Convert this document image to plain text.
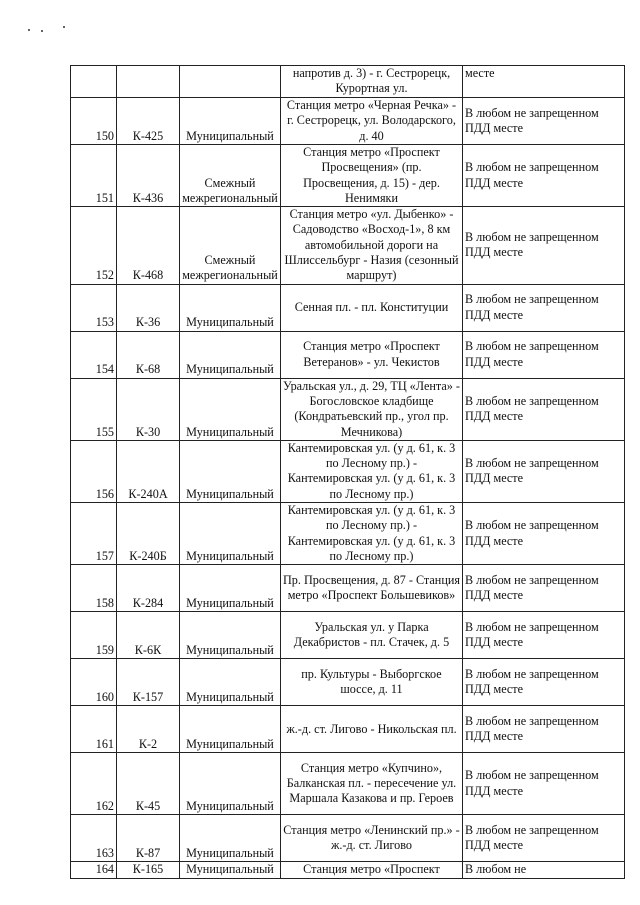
			напротив д. 3) - г. Сестрорецк, Курортная ул.	месте
150	К-425	Муниципальный	Станция метро «Черная Речка» - г. Сестрорецк, ул. Володарского, д. 40	В любом не запрещенном ПДД месте
151	К-436	Смежный межрегиональный	Станция метро «Проспект Просвещения» (пр. Просвещения, д. 15) - дер. Ненимяки	В любом не запрещенном ПДД месте
152	К-468	Смежный межрегиональный	Станция метро «ул. Дыбенко» - Садоводство «Восход-1», 8 км автомобильной дороги на Шлиссельбург - Назия (сезонный маршрут)	В любом не запрещенном ПДД месте
153	К-36	Муниципальный	Сенная пл. - пл. Конституции	В любом не запрещенном ПДД месте
154	К-68	Муниципальный	Станция метро «Проспект Ветеранов» - ул. Чекистов	В любом не запрещенном ПДД месте
155	К-30	Муниципальный	Уральская ул., д. 29, ТЦ «Лента» - Богословское кладбище (Кондратьевский пр., угол пр. Мечникова)	В любом не запрещенном ПДД месте
156	К-240А	Муниципальный	Кантемировская ул. (у д. 61, к. 3 по Лесному пр.) - Кантемировская ул. (у д. 61, к. 3 по Лесному пр.)	В любом не запрещенном ПДД месте
157	К-240Б	Муниципальный	Кантемировская ул. (у д. 61, к. 3 по Лесному пр.) - Кантемировская ул. (у д. 61, к. 3 по Лесному пр.)	В любом не запрещенном ПДД месте
158	К-284	Муниципальный	Пр. Просвещения, д. 87 - Станция метро «Проспект Большевиков»	В любом не запрещенном ПДД месте
159	К-6К	Муниципальный	Уральская ул. у Парка Декабристов - пл. Стачек, д. 5	В любом не запрещенном ПДД месте
160	К-157	Муниципальный	пр. Культуры - Выборгское шоссе, д. 11	В любом не запрещенном ПДД месте
161	К-2	Муниципальный	ж.-д. ст. Лигово - Никольская пл.	В любом не запрещенном ПДД месте
162	К-45	Муниципальный	Станция метро «Купчино», Балканская пл. - пересечение ул. Маршала Казакова и пр. Героев	В любом не запрещенном ПДД месте
163	К-87	Муниципальный	Станция метро «Ленинский пр.» - ж.-д. ст. Лигово	В любом не запрещенном ПДД месте
164	К-165	Муниципальный	Станция метро «Проспект	В любом не
